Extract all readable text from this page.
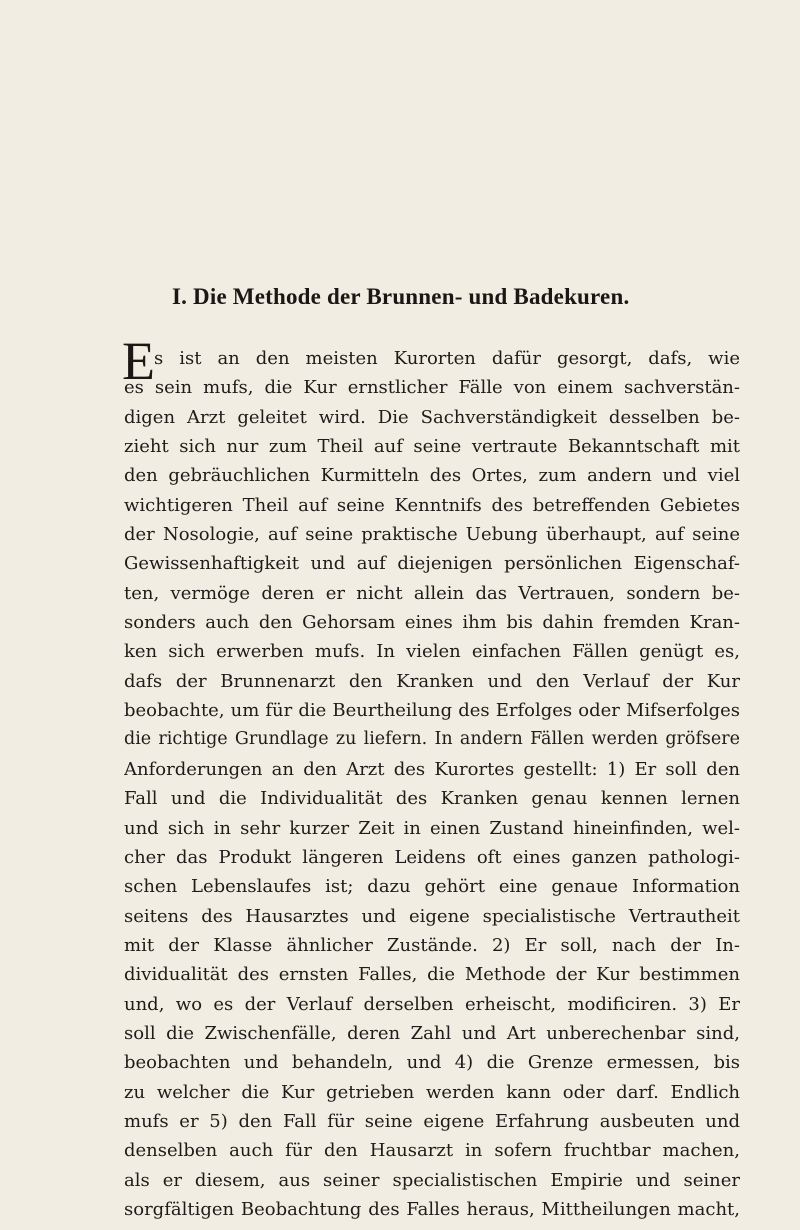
I. Die Methode der Brunnen- und Badekuren.
E s ist an den meisten Kurorten dafür gesorgt, dafs, wie
es sein mufs, die Kur ernstlicher Fälle von einem sachverstän-
digen Arzt geleitet wird. Die Sachverständigkeit desselben be-
zieht sich nur zum Theil auf seine vertraute Bekanntschaft mit
den gebräuchlichen Kurmitteln des Ortes, zum andern und viel
wichtigeren Theil auf seine Kenntnifs des betreffenden Gebietes
der Nosologie, auf seine praktische Uebung überhaupt, auf seine
Gewissenhaftigkeit und auf diejenigen persönlichen Eigenschaf-
ten, vermöge deren er nicht allein das Vertrauen, sondern be-
sonders auch den Gehorsam eines ihm bis dahin fremden Kran-
ken sich erwerben mufs. In vielen einfachen Fällen genügt es,
dafs der Brunnenarzt den Kranken und den Verlauf der Kur
beobachte, um für die Beurtheilung des Erfolges oder Mifserfolges
die richtige Grundlage zu liefern. In andern Fällen werden gröfsere
Anforderungen an den Arzt des Kurortes gestellt: 1) Er soll den
Fall und die Individualität des Kranken genau kennen lernen
und sich in sehr kurzer Zeit in einen Zustand hineinfinden, wel-
cher das Produkt längeren Leidens oft eines ganzen pathologi-
schen Lebenslaufes ist; dazu gehört eine genaue Information
seitens des Hausarztes und eigene specialistische Vertrautheit
mit der Klasse ähnlicher Zustände. 2) Er soll, nach der In-
dividualität des ernsten Falles, die Methode der Kur bestimmen
und, wo es der Verlauf derselben erheischt, modificiren. 3) Er
soll die Zwischenfälle, deren Zahl und Art unberechenbar sind,
beobachten und behandeln, und 4) die Grenze ermessen, bis
zu welcher die Kur getrieben werden kann oder darf. Endlich
mufs er 5) den Fall für seine eigene Erfahrung ausbeuten und
denselben auch für den Hausarzt in sofern fruchtbar machen,
als er diesem, aus seiner specialistischen Empirie und seiner
sorgfältigen Beobachtung des Falles heraus, Mittheilungen macht,
